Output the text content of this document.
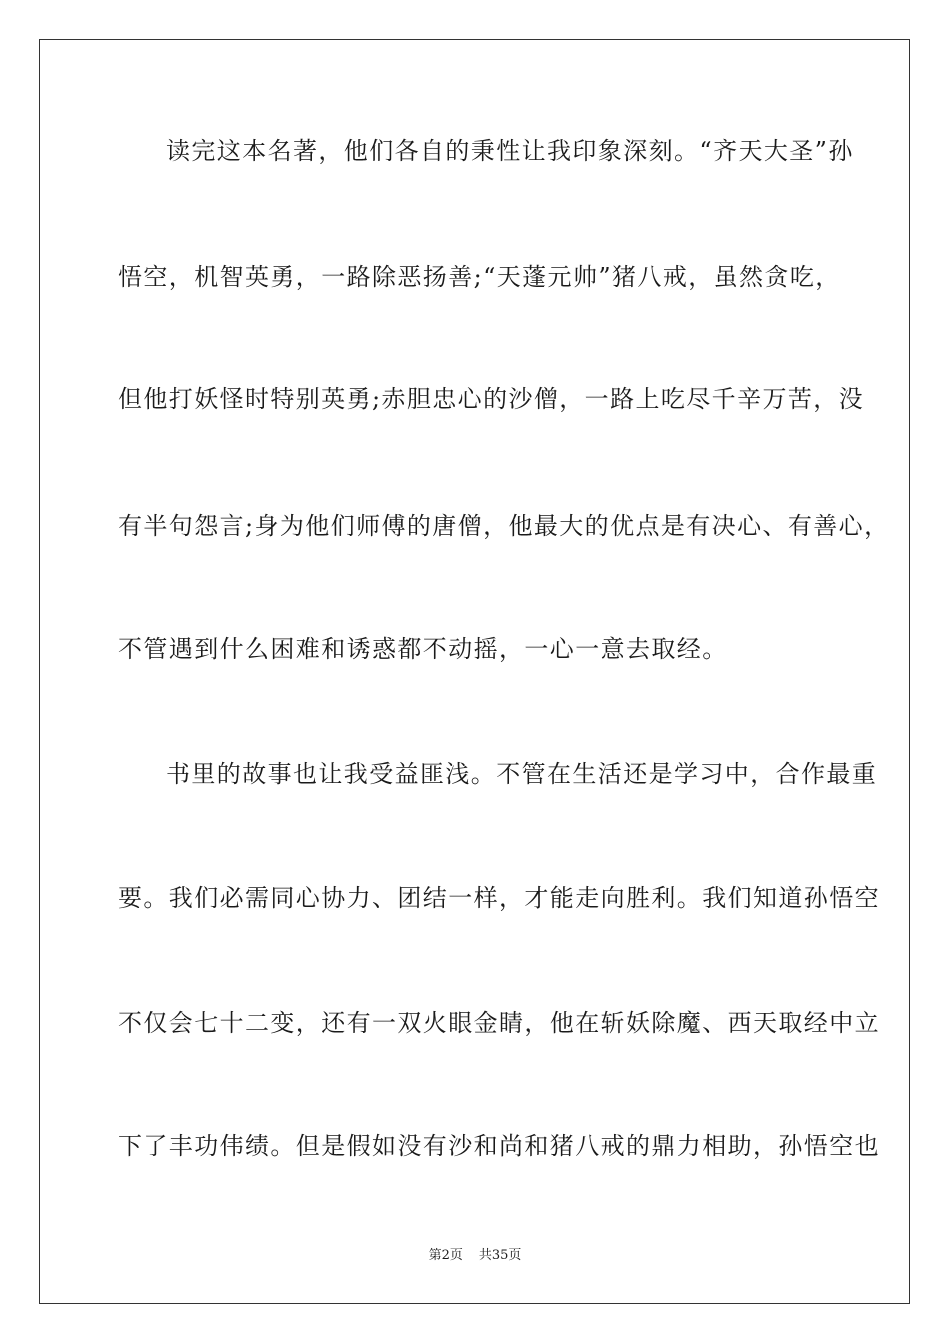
读完这本名著，他们各自的秉性让我印象深刻。“齐天大圣”孙
悟空，机智英勇，一路除恶扬善;“天蓬元帅”猪八戒，虽然贪吃，
但他打妖怪时特别英勇;赤胆忠心的沙僧，一路上吃尽千辛万苦，没
有半句怨言;身为他们师傅的唐僧，他最大的优点是有决心、有善心，
不管遇到什么困难和诱惑都不动摇，一心一意去取经。
书里的故事也让我受益匪浅。不管在生活还是学习中，合作最重
要。我们必需同心协力、团结一样，才能走向胜利。我们知道孙悟空
不仅会七十二变，还有一双火眼金睛，他在斩妖除魔、西天取经中立
下了丰功伟绩。但是假如没有沙和尚和猪八戒的鼎力相助，孙悟空也
第2页 共35页
